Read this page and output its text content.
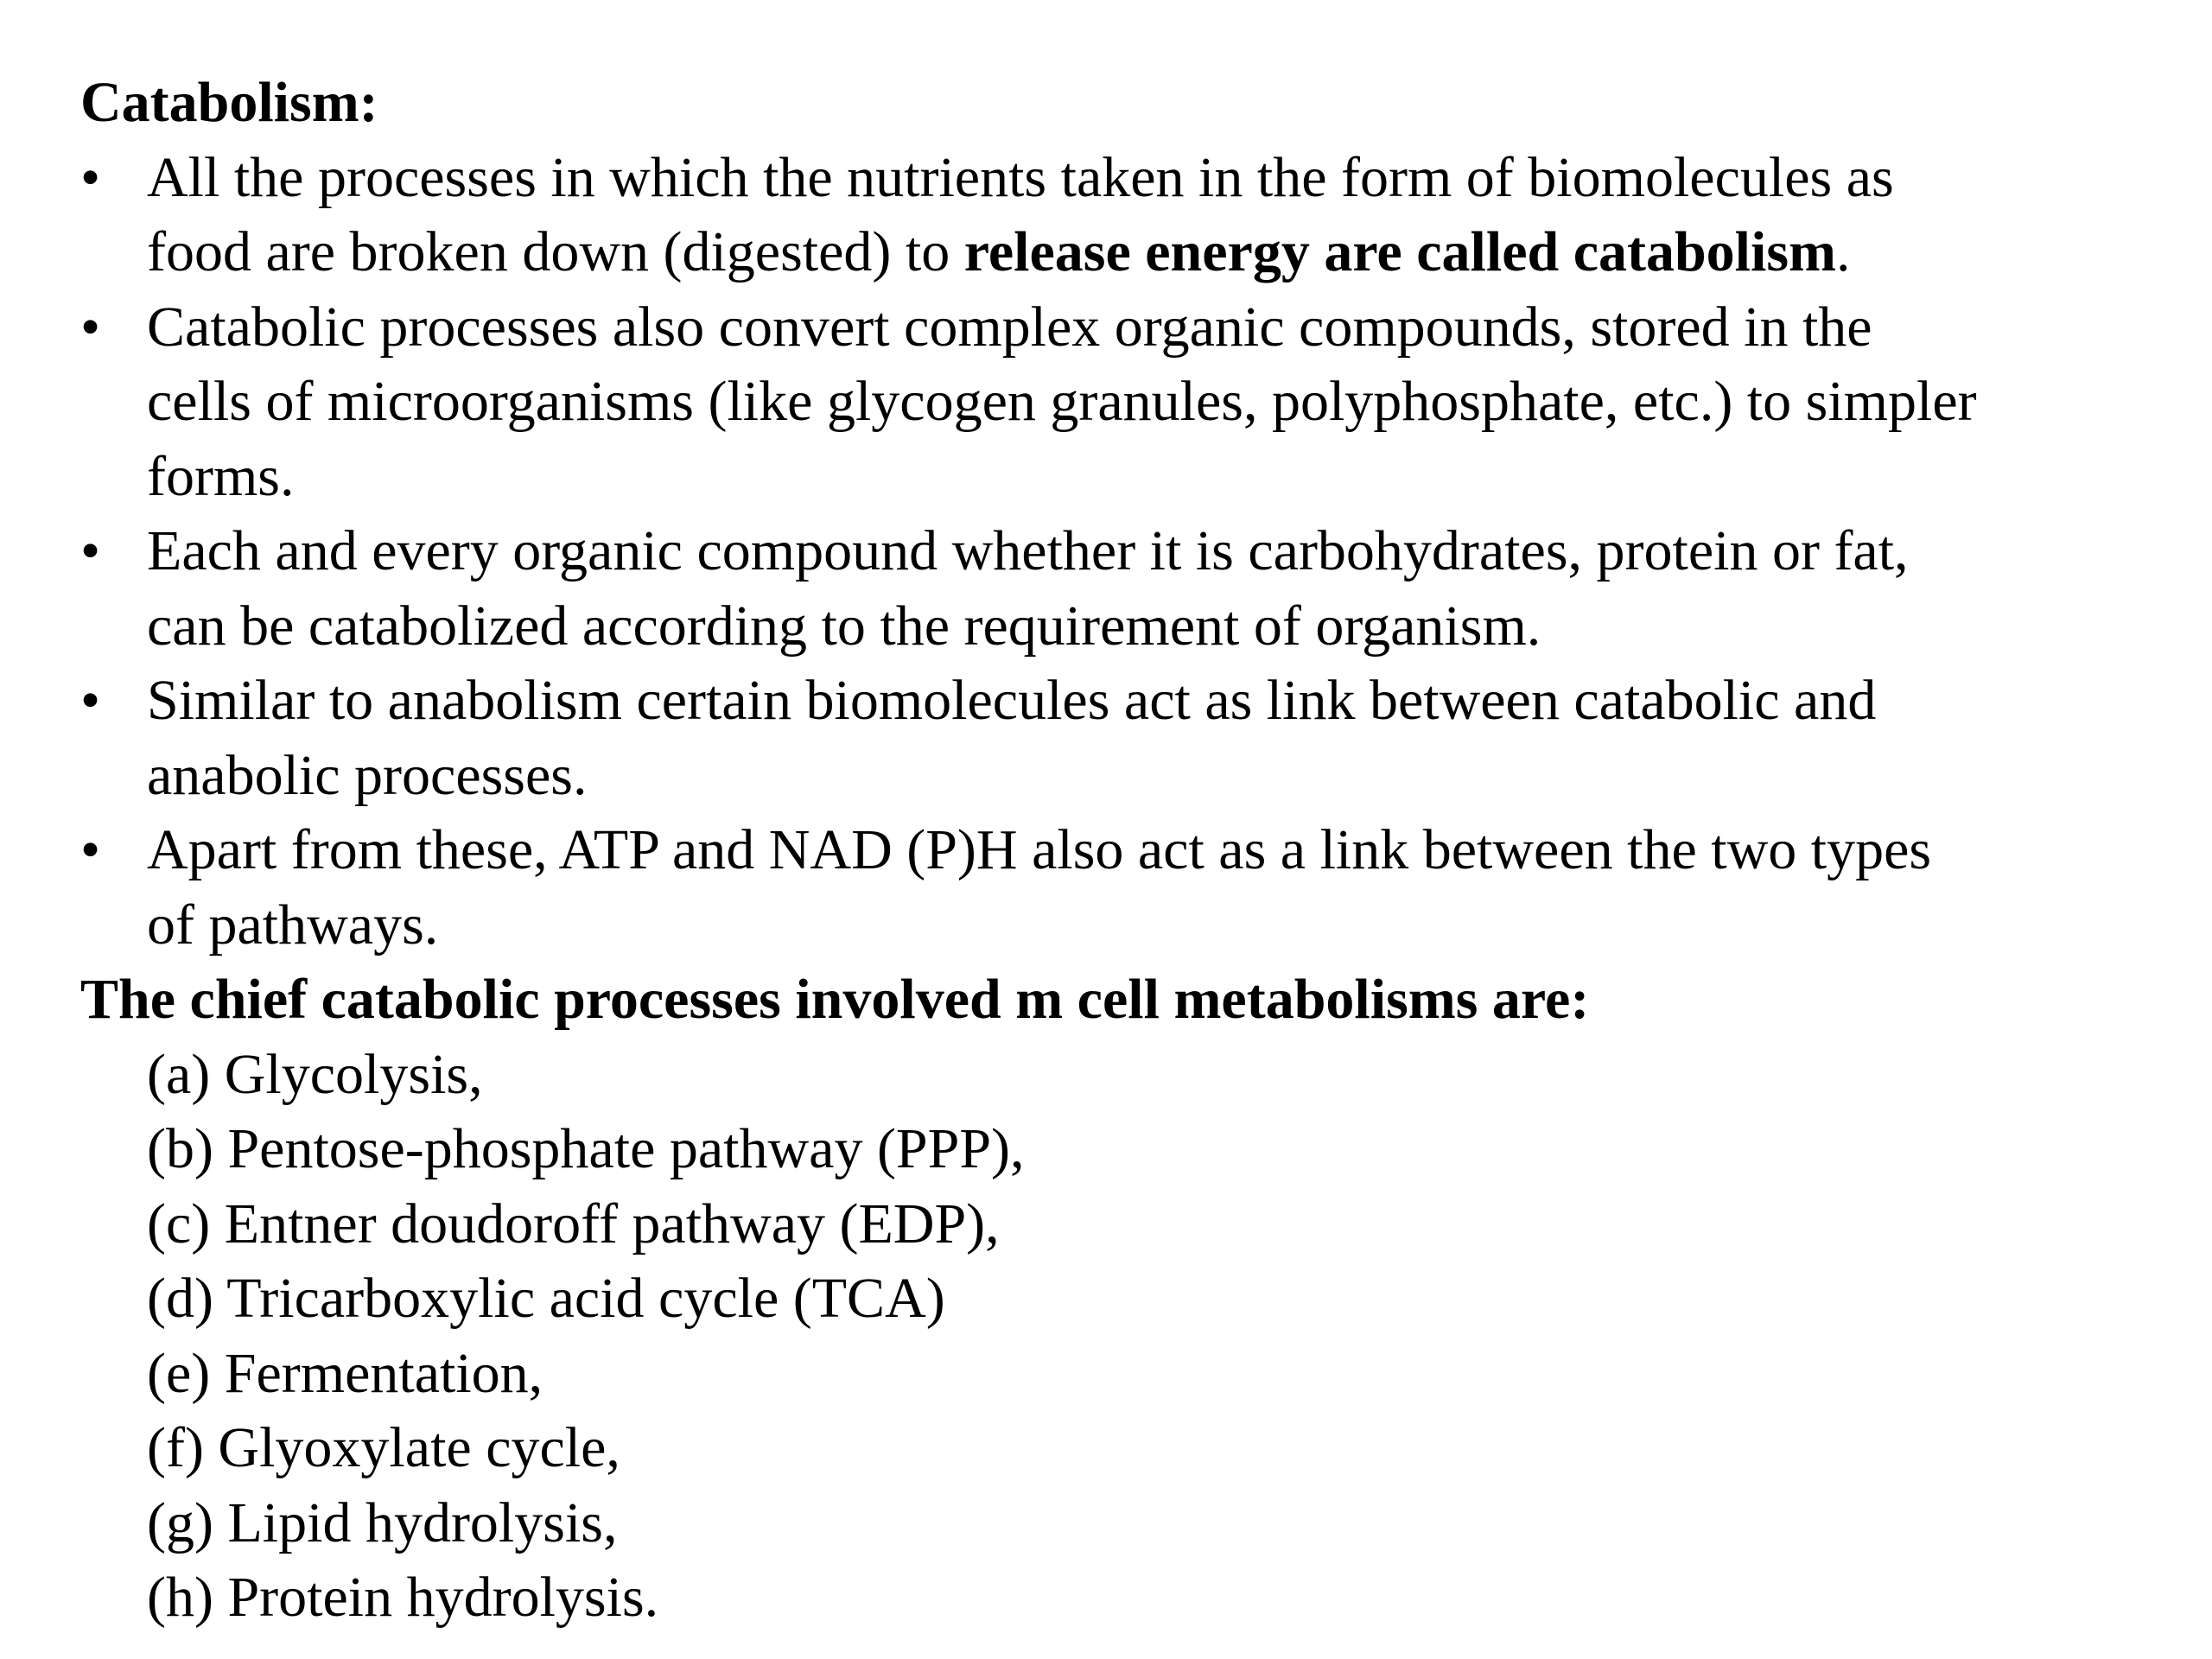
Catabolism:
• All the processes in which the nutrients taken in the form of biomolecules as
food are broken down (digested) to release energy are called catabolism.
• Catabolic processes also convert complex organic compounds, stored in the
cells of microorganisms (like glycogen granules, polyphosphate, etc.) to simpler
forms.
• Each and every organic compound whether it is carbohydrates, protein or fat,
can be catabolized according to the requirement of organism.
• Similar to anabolism certain biomolecules act as link between catabolic and
anabolic processes.
• Apart from these, ATP and NAD (P)H also act as a link between the two types
of pathways.
The chief catabolic processes involved m cell metabolisms are:
(a) Glycolysis,
(b) Pentose-phosphate pathway (PPP),
(c) Entner doudoroff pathway (EDP),
(d) Tricarboxylic acid cycle (TCA)
(e) Fermentation,
(f) Glyoxylate cycle,
(g) Lipid hydrolysis,
(h) Protein hydrolysis.
